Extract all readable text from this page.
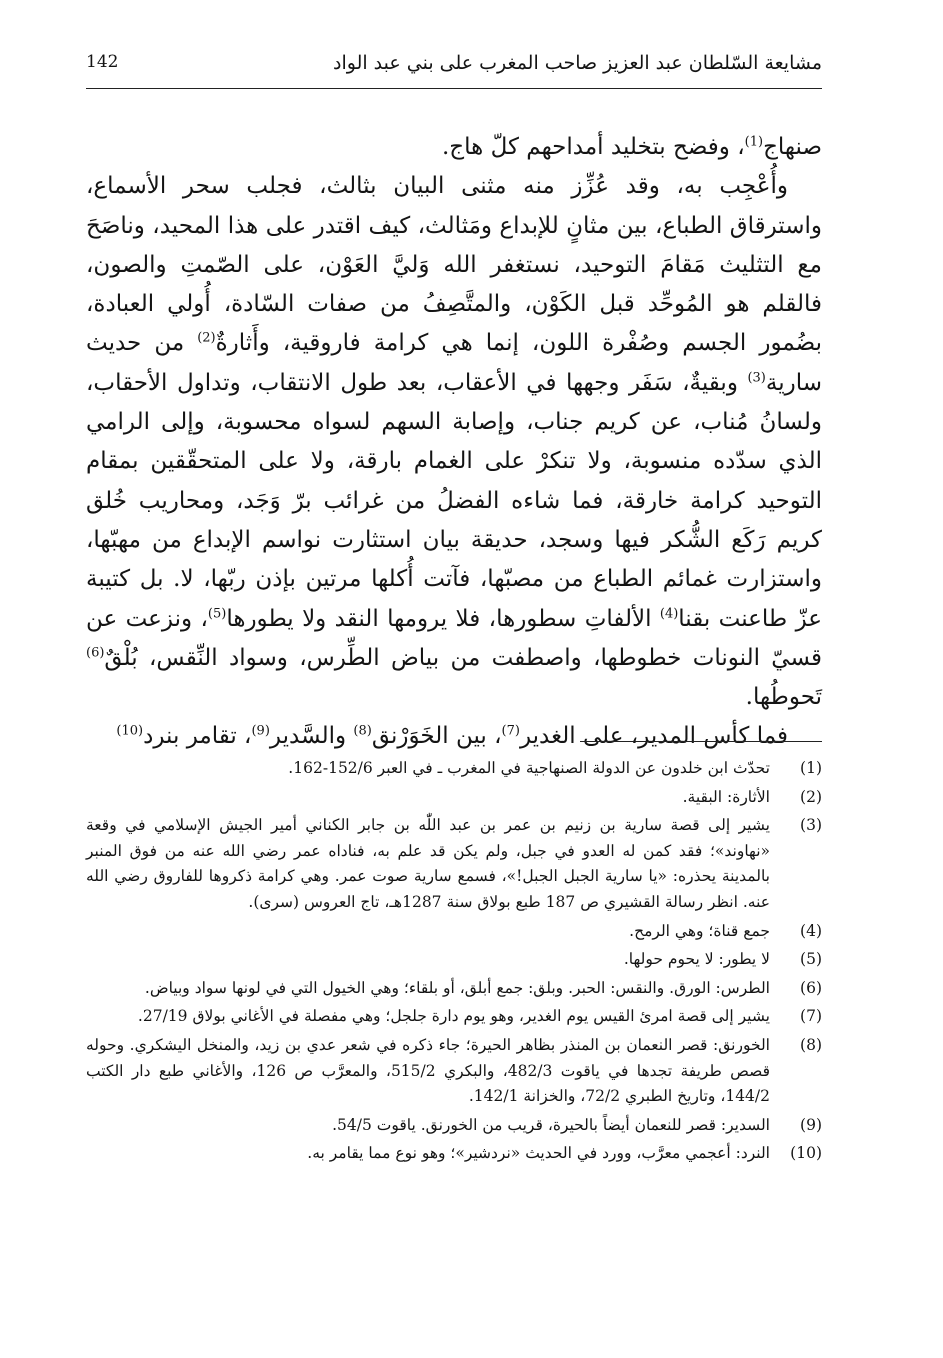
142	مشايعة السّلطان عبد العزيز صاحب المغرب على بني عبد الواد

صنهاج$^{(1)}$، وفضح بتخليد أمداحهم كلّ هاج.

وأُعْجِب به، وقد عُزِّز منه مثنى البيان بثالث، فجلب سحر الأسماع، واسترقاق الطباع، بين مثانٍ للإبداع ومَثالث، كيف اقتدر على هذا المحيد، وناصَحَ مع التثليث مَقامَ التوحيد، نستغفر الله وَليَّ العَوْن، على الصّمتِ والصون، فالقلم هو المُوحِّد قبل الكَوْن، والمتَّصِفُ من صفات السّادة، أُولي العبادة، بضُمور الجسم وصُفْرة اللون، إنما هي كرامة فاروقية، وأَثارةٌ$^{(2)}$ من حديث سارية$^{(3)}$ وبقيةٌ، سَفَر وجهها في الأعقاب، بعد طول الانتقاب، وتداول الأحقاب، ولسانُ مُناب، عن كريم جناب، وإصابة السهم لسواه محسوبة، وإلى الرامي الذي سدّده منسوبة، ولا تنكرْ على الغمام بارقة، ولا على المتحقّقين بمقام التوحيد كرامة خارقة، فما شاءه الفضلُ من غرائب برّ وَجَد، ومحاريب خُلق كريم رَكَع الشُّكر فيها وسجد، حديقة بيان استثارت نواسم الإبداع من مهبّها، واستزارت غمائم الطباع من مصبّها، فآتت أُكلها مرتين بإذن ربّها، لا. بل كتيبة عزّ طاعنت بقنا$^{(4)}$ الألفاتِ سطورها، فلا يرومها النقد ولا يطورها$^{(5)}$، ونزعت عن قسيّ النونات خطوطها، واصطفت من بياض الطِّرس، وسواد النِّقس، بُلْقٌ$^{(6)}$ تَحوطُها.

فما كأس المدير، على الغدير$^{(7)}$، بين الخَوَرْنق$^{(8)}$ والسَّدير$^{(9)}$، تقامر بنرد$^{(10)}$

(1)
تحدّث ابن خلدون عن الدولة الصنهاجية في المغرب ـ في العبر 152/6-162.
(2)
الأثارة: البقية.
(3)
يشير إلى قصة سارية بن زنيم بن عمر بن عبد اللّٰه بن جابر الكناني أمير الجيش الإسلامي في وقعة «نهاوند»؛ فقد كمن له العدو في جبل، ولم يكن قد علم به، فناداه عمر رضي الله عنه من فوق المنبر بالمدينة يحذره: «يا سارية الجبل الجبل!»، فسمع سارية صوت عمر. وهي كرامة ذكروها للفاروق رضي الله عنه. انظر رسالة القشيري ص 187 طبع بولاق سنة 1287هـ، تاج العروس (سرى).
(4)
جمع قناة؛ وهي الرمح.
(5)
لا يطور: لا يحوم حولها.
(6)
الطرس: الورق. والنقس: الحبر. وبلق: جمع أبلق، أو بلقاء؛ وهي الخيول التي في لونها سواد وبياض.
(7)
يشير إلى قصة امرئ القيس يوم الغدير، وهو يوم دارة جلجل؛ وهي مفصلة في الأغاني بولاق 27/19.
(8)
الخورنق: قصر النعمان بن المنذر بظاهر الحيرة؛ جاء ذكره في شعر عدي بن زيد، والمنخل اليشكري. وحوله قصص طريفة تجدها في ياقوت 482/3، والبكري 515/2، والمعرَّب ص 126، والأغاني طبع دار الكتب 144/2، وتاريخ الطبري 72/2، والخزانة 142/1.
(9)
السدير: قصر للنعمان أيضاً بالحيرة، قريب من الخورنق. ياقوت 54/5.
(10)
النرد: أعجمي معرَّب، وورد في الحديث «نردشير»؛ وهو نوع مما يقامر به.
